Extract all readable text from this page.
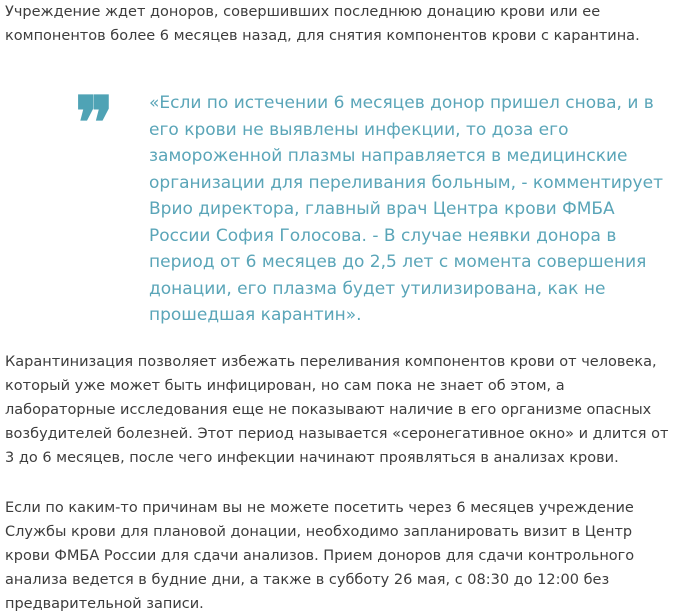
Учреждение ждет доноров, совершивших последнюю донацию крови или ее компонентов более 6 месяцев назад, для снятия компонентов крови с карантина.

❞ «Если по истечении 6 месяцев донор пришел снова, и в его крови не выявлены инфекции, то доза его замороженной плазмы направляется в медицинские организации для переливания больным, - комментирует Врио директора, главный врач Центра крови ФМБА России София Голосова. - В случае неявки донора в период от 6 месяцев до 2,5 лет с момента совершения донации, его плазма будет утилизирована, как не прошедшая карантин».

Карантинизация позволяет избежать переливания компонентов крови от человека, который уже может быть инфицирован, но сам пока не знает об этом, а лабораторные исследования еще не показывают наличие в его организме опасных возбудителей болезней. Этот период называется «серонегативное окно» и длится от 3 до 6 месяцев, после чего инфекции начинают проявляться в анализах крови.

Если по каким-то причинам вы не можете посетить через 6 месяцев учреждение Службы крови для плановой донации, необходимо запланировать визит в Центр крови ФМБА России для сдачи анализов. Прием доноров для сдачи контрольного анализа ведется в будние дни, а также в субботу 26 мая, с 08:30 до 12:00 без предварительной записи.
